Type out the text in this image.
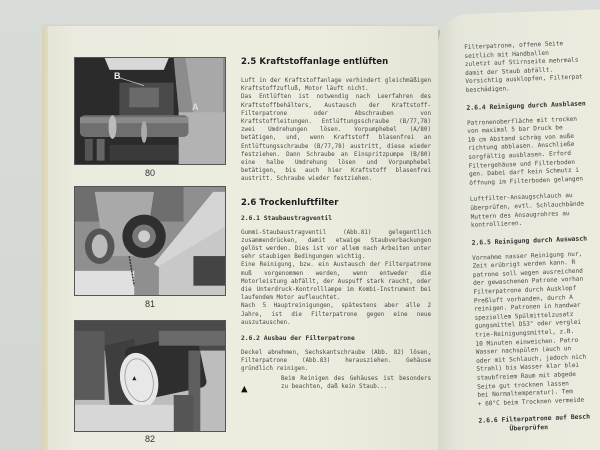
B
A
80
81
▲
82
2.5 Kraftstoffanlage entlüften

Luft in der Kraftstoffanlage verhindert gleichmäßigen Kraftstoffzufluß, Motor läuft nicht.

Das Entlüften ist notwendig nach Leerfahren des Kraftstoffbehälters, Austausch der Kraftstoff-Filterpatrone oder Abschrauben von Kraftstoffleitungen. Entlüftungsschraube (B/77,78) zwei Umdrehungen lösen. Vorpumphebel (A/80) betätigen, und, wenn Kraftstoff blasenfrei an Entlüftungsschraube (B/77,78) austritt, diese wieder festziehen. Dann Schraube an Einspritzpumpe (B/80) eine halbe Umdrehung lösen und Vorpumphebel betätigen, bis auch hier Kraftstoff blasenfrei austritt. Schraube wieder festziehen.

2.6 Trockenluftfilter
2.6.1 Staubaustragventil

Gummi-Staubaustragventil (Abb.81) gelegentlich zusammendrücken, damit etwaige Staubverbackungen gelöst werden. Dies ist vor allem nach Arbeiten unter sehr staubigen Bedingungen wichtig.

Eine Reinigung, bzw. ein Austausch der Filterpatrone muß vorgenommen werden, wenn entweder die Motorleistung abfällt, der Auspuff stark raucht, oder die Unterdruck-Kontrolllampe im Kombi-Instrument bei laufendem Motor aufleuchtet.

Nach 5 Hauptreinigungen, spätestens aber alle 2 Jahre, ist die Filterpatrone gegen eine neue auszutauschen.

2.6.2 Ausbau der Filterpatrone

Deckel abnehmen, Sechskantschraube (Abb. 82) lösen, Filterpatrone (Abb.83) herausziehen. Gehäuse gründlich reinigen.

▲

Beim Reinigen des Gehäuses ist besonders zu beachten, daß kein Staub...

Filterpatrone, offene Seite

seitlich mit Handballen

zuletzt auf Stirnseite mehrmals

damit der Staub abfällt.

Vorsichtig ausklopfen, Filterpat

beschädigen.

2.6.4 Reinigung durch Ausblasen

Patronenoberfläche mit trocken

von maximal 5 bar Druck be

10 cm Abstand schräg von auße

richtung abblasen. Anschließe

sorgfältig ausblasen. Erford

Filtergehäuse und Filterboden

gen. Dabei darf kein Schmutz i

öffnung im Filterboden gelangen

Luftfilter-Ansaugschlauch au

überprüfen, evtl. Schlauchbände

Muttern des Ansaugrohres au

kontrollieren.

2.6.5 Reinigung durch Auswasch

Vornahme nasser Reinigung nur,

Zeit erübrigt werden kann. R

patrone soll wegen ausreichend

der gewaschenen Patrone vorhan

Filterpatrone durch Ausklopf

Preßluft vorhanden, durch A

reinigen. Patronen in handwar

speziellem Spülmittelzusatz

gungsmittel D53" oder verglei

trie-Reinigungsmittel, z.B.

10 Minuten einweichen. Patro

Wasser nachspülen (auch un

oder mit Schlauch, jedoch nich

Strahl) bis Wasser klar blei

staubfreiem Raum mit abgede

Seite gut trocknen lassen

bei Normaltemperatur). Tem

+ 60°C beim Trocknen vermeide

2.6.6 Filterpatrone auf Besch
Überprüfen
